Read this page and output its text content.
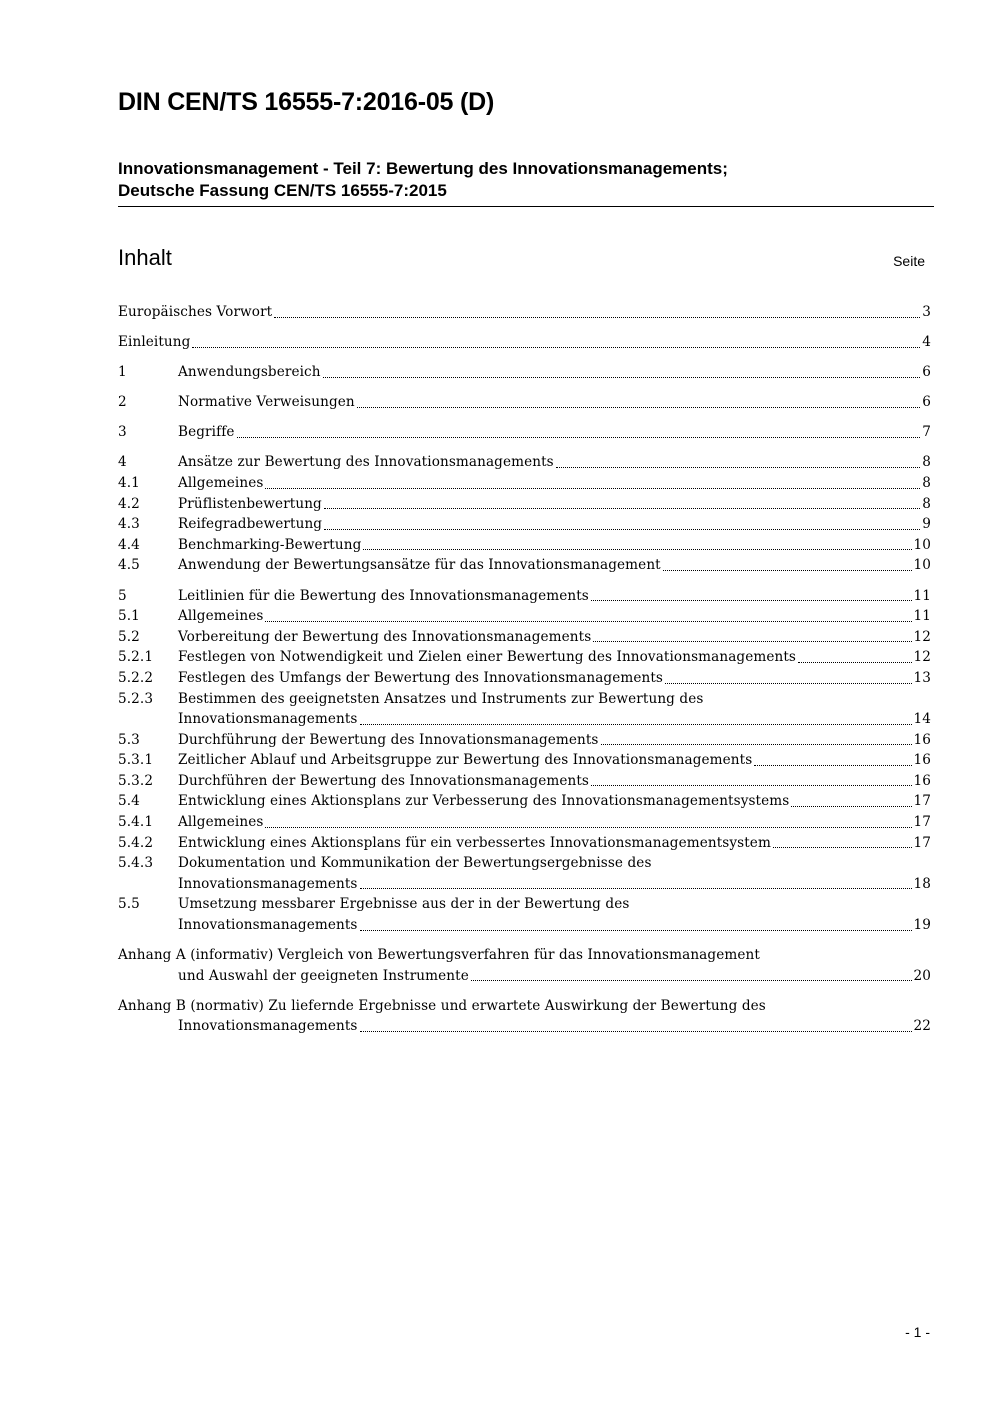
DIN CEN/TS 16555-7:2016-05 (D)
Innovationsmanagement - Teil 7: Bewertung des Innovationsmanagements;
Deutsche Fassung CEN/TS 16555-7:2015
Inhalt	Seite
Europäisches Vorwort	3
Einleitung	4
1	Anwendungsbereich	6
2	Normative Verweisungen	6
3	Begriffe	7
4	Ansätze zur Bewertung des Innovationsmanagements	8
4.1	Allgemeines	8
4.2	Prüflistenbewertung	8
4.3	Reifegradbewertung	9
4.4	Benchmarking-Bewertung	10
4.5	Anwendung der Bewertungsansätze für das Innovationsmanagement	10
5	Leitlinien für die Bewertung des Innovationsmanagements	11
5.1	Allgemeines	11
5.2	Vorbereitung der Bewertung des Innovationsmanagements	12
5.2.1 Festlegen von Notwendigkeit und Zielen einer Bewertung des Innovationsmanagements	12
5.2.2 Festlegen des Umfangs der Bewertung des Innovationsmanagements	13
5.2.3 Bestimmen des geeignetsten Ansatzes und Instruments zur Bewertung des
Innovationsmanagements	14
5.3	Durchführung der Bewertung des Innovationsmanagements	16
5.3.1 Zeitlicher Ablauf und Arbeitsgruppe zur Bewertung des Innovationsmanagements	16
5.3.2 Durchführen der Bewertung des Innovationsmanagements	16
5.4	Entwicklung eines Aktionsplans zur Verbesserung des Innovationsmanagementsystems	17
5.4.1 Allgemeines	17
5.4.2 Entwicklung eines Aktionsplans für ein verbessertes Innovationsmanagementsystem	17
5.4.3 Dokumentation und Kommunikation der Bewertungsergebnisse des
Innovationsmanagements	18
5.5	Umsetzung messbarer Ergebnisse aus der in der Bewertung des
Innovationsmanagements	19
Anhang A (informativ) Vergleich von Bewertungsverfahren für das Innovationsmanagement
und Auswahl der geeigneten Instrumente	20
Anhang B (normativ) Zu liefernde Ergebnisse und erwartete Auswirkung der Bewertung des
Innovationsmanagements	22
- 1 -
